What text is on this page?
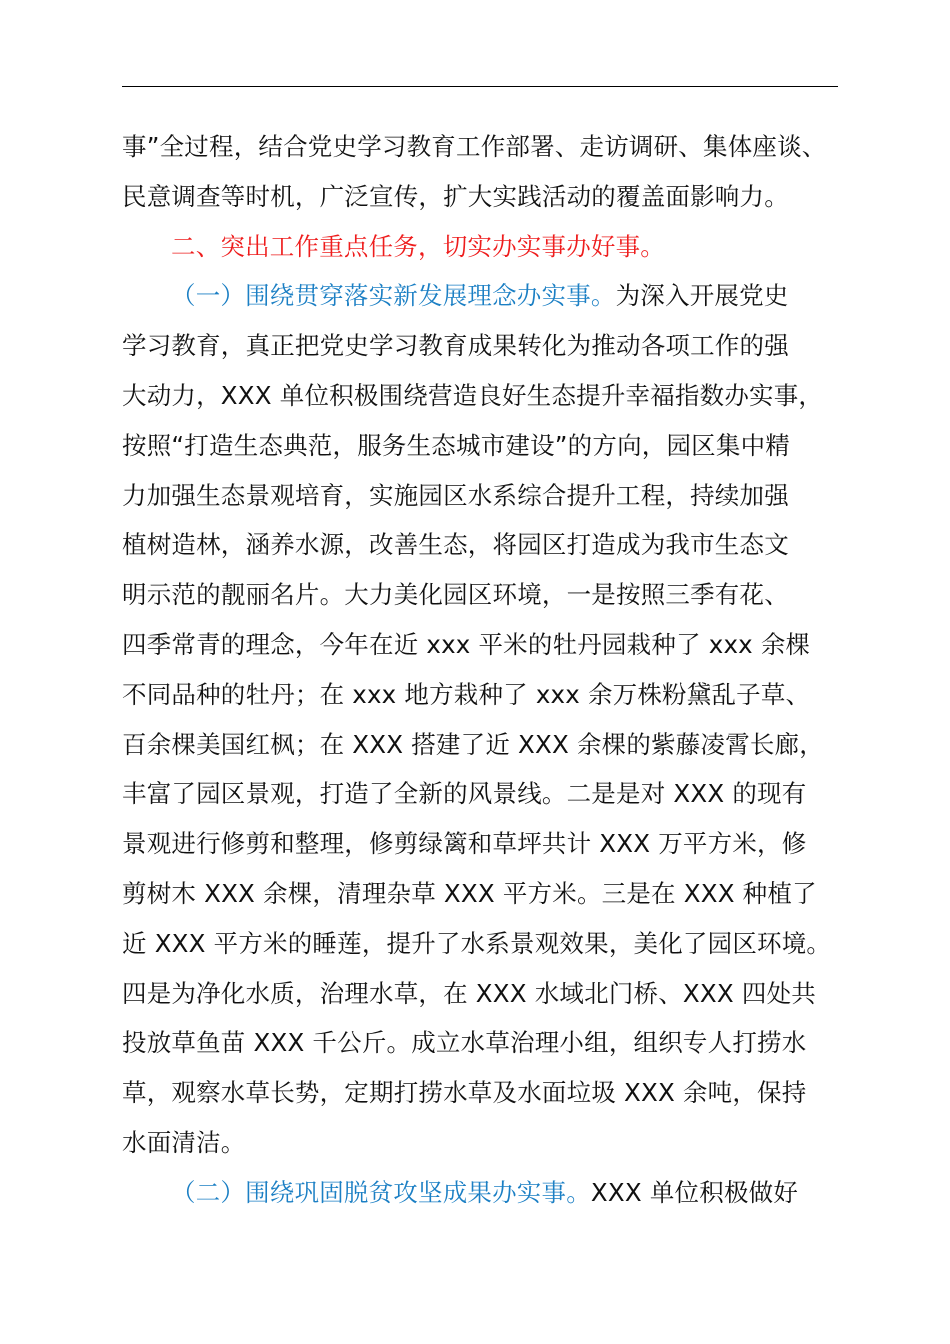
事”全过程，结合党史学习教育工作部署、走访调研、集体座谈、
民意调查等时机，广泛宣传，扩大实践活动的覆盖面影响力。
二、突出工作重点任务，切实办实事办好事。
（一）围绕贯穿落实新发展理念办实事。为深入开展党史
学习教育，真正把党史学习教育成果转化为推动各项工作的强
大动力，XXX 单位积极围绕营造良好生态提升幸福指数办实事，
按照“打造生态典范，服务生态城市建设”的方向，园区集中精
力加强生态景观培育，实施园区水系综合提升工程，持续加强
植树造林，涵养水源，改善生态，将园区打造成为我市生态文
明示范的靓丽名片。大力美化园区环境，一是按照三季有花、
四季常青的理念，今年在近 xxx 平米的牡丹园栽种了 xxx 余棵
不同品种的牡丹；在 xxx 地方栽种了 xxx 余万株粉黛乱子草、
百余棵美国红枫；在 XXX 搭建了近 XXX 余棵的紫藤凌霄长廊，
丰富了园区景观，打造了全新的风景线。二是是对 XXX 的现有
景观进行修剪和整理，修剪绿篱和草坪共计 XXX 万平方米，修
剪树木 XXX 余棵，清理杂草 XXX 平方米。三是在 XXX 种植了
近 XXX 平方米的睡莲，提升了水系景观效果，美化了园区环境。
四是为净化水质，治理水草，在 XXX 水域北门桥、XXX 四处共
投放草鱼苗 XXX 千公斤。成立水草治理小组，组织专人打捞水
草，观察水草长势，定期打捞水草及水面垃圾 XXX 余吨，保持
水面清洁。
（二）围绕巩固脱贫攻坚成果办实事。XXX 单位积极做好
